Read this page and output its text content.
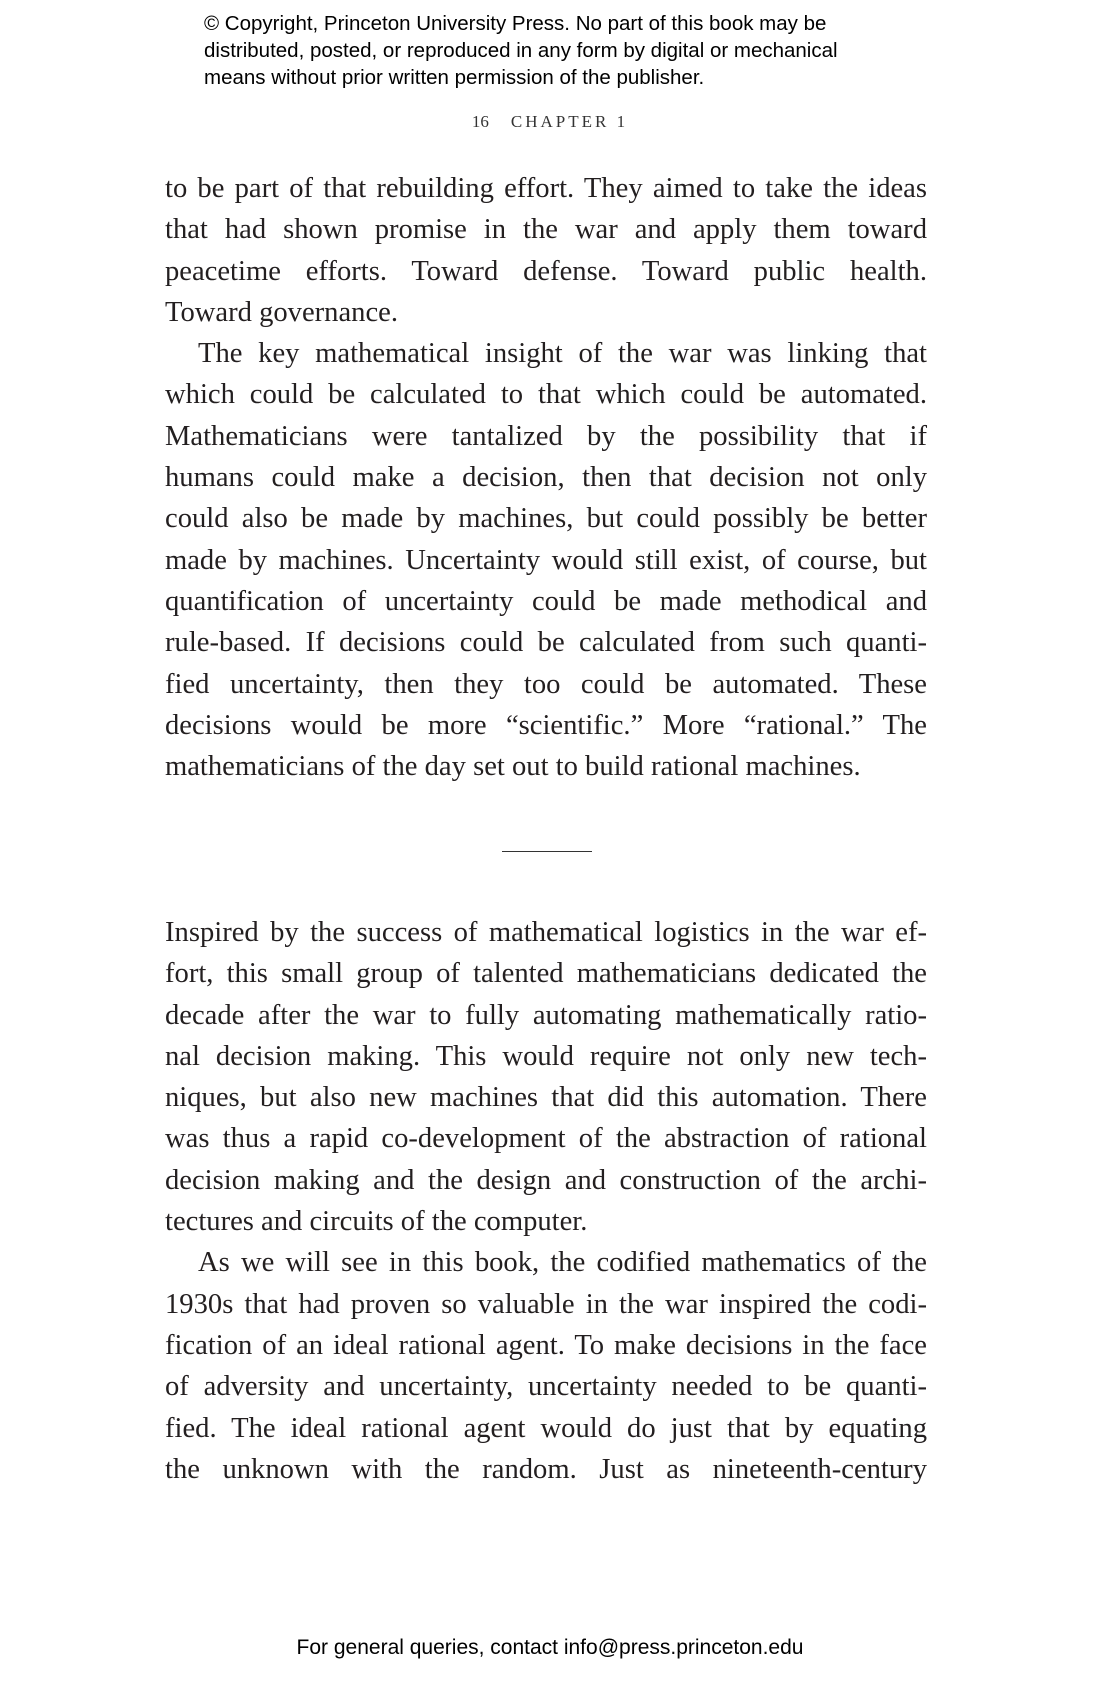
© Copyright, Princeton University Press. No part of this book may be
distributed, posted, or reproduced in any form by digital or mechanical
means without prior written permission of the publisher.
16 CHAPTER 1
to be part of that rebuilding effort. They aimed to take the ideas
that had shown promise in the war and apply them toward
peacetime efforts. Toward defense. Toward public health.
Toward governance.
The key mathematical insight of the war was linking that
which could be calculated to that which could be automated.
Mathematicians were tantalized by the possibility that if
humans could make a decision, then that decision not only
could also be made by machines, but could possibly be better
made by machines. Uncertainty would still exist, of course, but
quantification of uncertainty could be made methodical and
rule-based. If decisions could be calculated from such quanti-
fied uncertainty, then they too could be automated. These
decisions would be more “scientific.” More “rational.” The
mathematicians of the day set out to build rational machines.
Inspired by the success of mathematical logistics in the war ef-
fort, this small group of talented mathematicians dedicated the
decade after the war to fully automating mathematically ratio-
nal decision making. This would require not only new tech-
niques, but also new machines that did this automation. There
was thus a rapid co-development of the abstraction of rational
decision making and the design and construction of the archi-
tectures and circuits of the computer.
As we will see in this book, the codified mathematics of the
1930s that had proven so valuable in the war inspired the codi-
fication of an ideal rational agent. To make decisions in the face
of adversity and uncertainty, uncertainty needed to be quanti-
fied. The ideal rational agent would do just that by equating
the unknown with the random. Just as nineteenth-century
For general queries, contact info@press.princeton.edu
